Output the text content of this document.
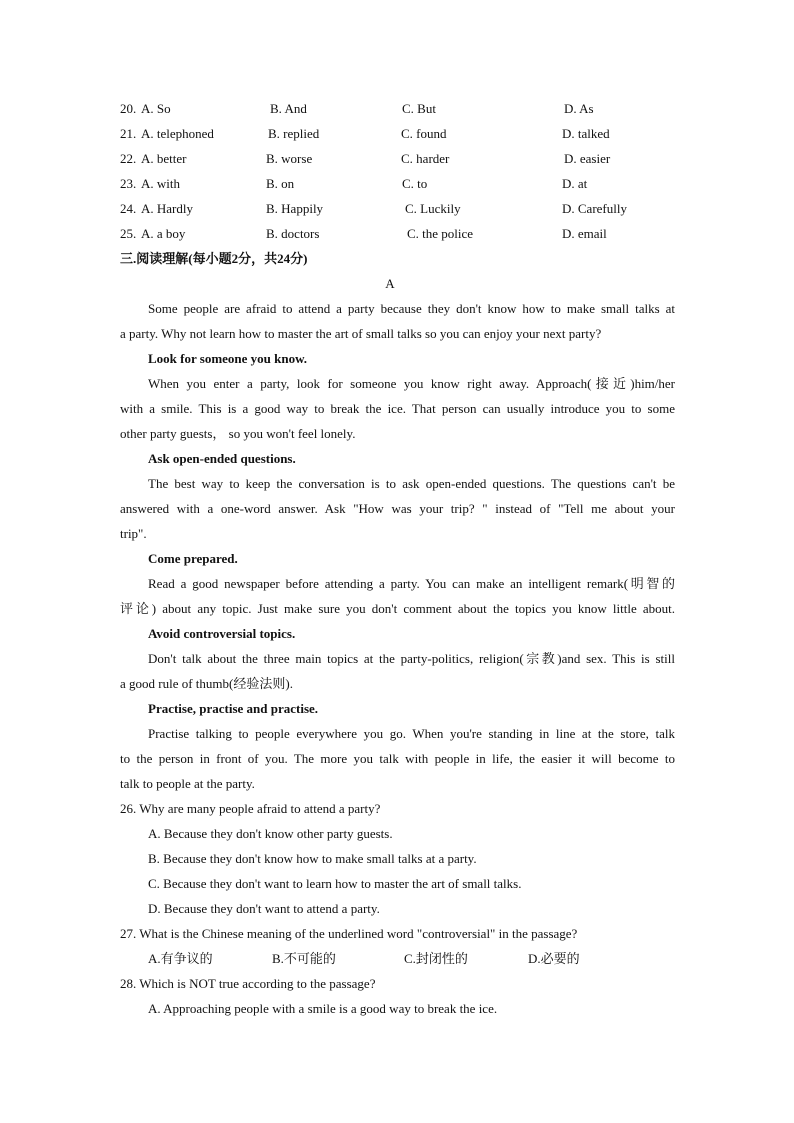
20. A. So	B. And	C. But	D. As
21. A. telephoned	B. replied	C. found	D. talked
22. A. better	B. worse	C. harder	D. easier
23. A. with	B. on	C. to	D. at
24. A. Hardly	B. Happily	C. Luckily	D. Carefully
25. A. a boy	B. doctors	C. the police	D. email
三.阅读理解(每小题2分，共24分)
A
Some people are afraid to attend a party because they don't know how to make small talks at
a party. Why not learn how to master the art of small talks so you can enjoy your next party?
Look for someone you know.
When you enter a party, look for someone you know right away. Approach(接近)him/her
with a smile. This is a good way to break the ice. That person can usually introduce you to some
other party guests， so you won't feel lonely.
Ask open-ended questions.
The best way to keep the conversation is to ask open-ended questions. The questions can't be
answered with a one-word answer. Ask "How was your trip? " instead of "Tell me about your
trip".
Come prepared.
Read a good newspaper before attending a party. You can make an intelligent remark(明智的
评论) about any topic. Just make sure you don't comment about the topics you know little about.
Avoid controversial topics.
Don't talk about the three main topics at the party-politics, religion(宗教)and sex. This is still
a good rule of thumb(经验法则).
Practise, practise and practise.
Practise talking to people everywhere you go. When you're standing in line at the store, talk
to the person in front of you. The more you talk with people in life, the easier it will become to
talk to people at the party.
26. Why are many people afraid to attend a party?
A. Because they don't know other party guests.
B. Because they don't know how to make small talks at a party.
C. Because they don't want to learn how to master the art of small talks.
D. Because they don't want to attend a party.
27. What is the Chinese meaning of the underlined word "controversial" in the passage?
A.有争议的	B.不可能的	C.封闭性的	D.必要的
28. Which is NOT true according to the passage?
A. Approaching people with a smile is a good way to break the ice.
